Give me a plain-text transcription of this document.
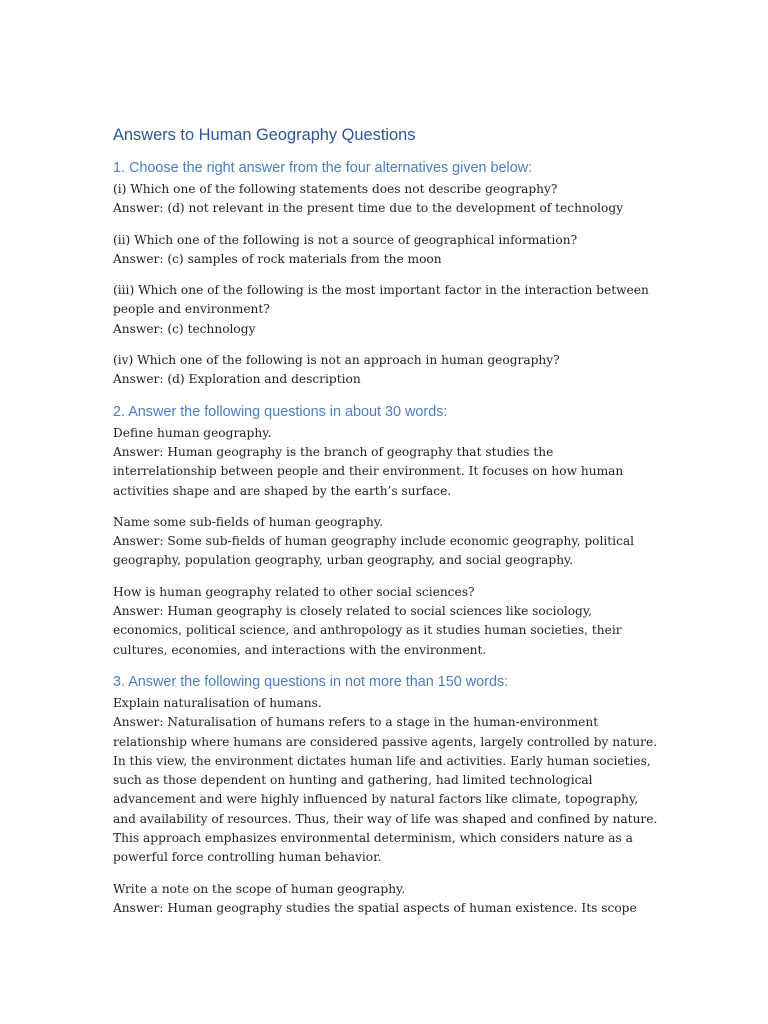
Answers to Human Geography Questions
1. Choose the right answer from the four alternatives given below:

(i) Which one of the following statements does not describe geography?

Answer: (d) not relevant in the present time due to the development of technology

(ii) Which one of the following is not a source of geographical information?

Answer: (c) samples of rock materials from the moon

(iii) Which one of the following is the most important factor in the interaction between people and environment?

Answer: (c) technology

(iv) Which one of the following is not an approach in human geography?

Answer: (d) Exploration and description

2. Answer the following questions in about 30 words:

Define human geography.

Answer: Human geography is the branch of geography that studies the interrelationship between people and their environment. It focuses on how human activities shape and are shaped by the earth’s surface.

Name some sub-fields of human geography.

Answer: Some sub-fields of human geography include economic geography, political geography, population geography, urban geography, and social geography.

How is human geography related to other social sciences?

Answer: Human geography is closely related to social sciences like sociology, economics, political science, and anthropology as it studies human societies, their cultures, economies, and interactions with the environment.

3. Answer the following questions in not more than 150 words:

Explain naturalisation of humans.

Answer: Naturalisation of humans refers to a stage in the human-environment relationship where humans are considered passive agents, largely controlled by nature. In this view, the environment dictates human life and activities. Early human societies, such as those dependent on hunting and gathering, had limited technological advancement and were highly influenced by natural factors like climate, topography, and availability of resources. Thus, their way of life was shaped and confined by nature. This approach emphasizes environmental determinism, which considers nature as a powerful force controlling human behavior.

Write a note on the scope of human geography.

Answer: Human geography studies the spatial aspects of human existence. Its scope
